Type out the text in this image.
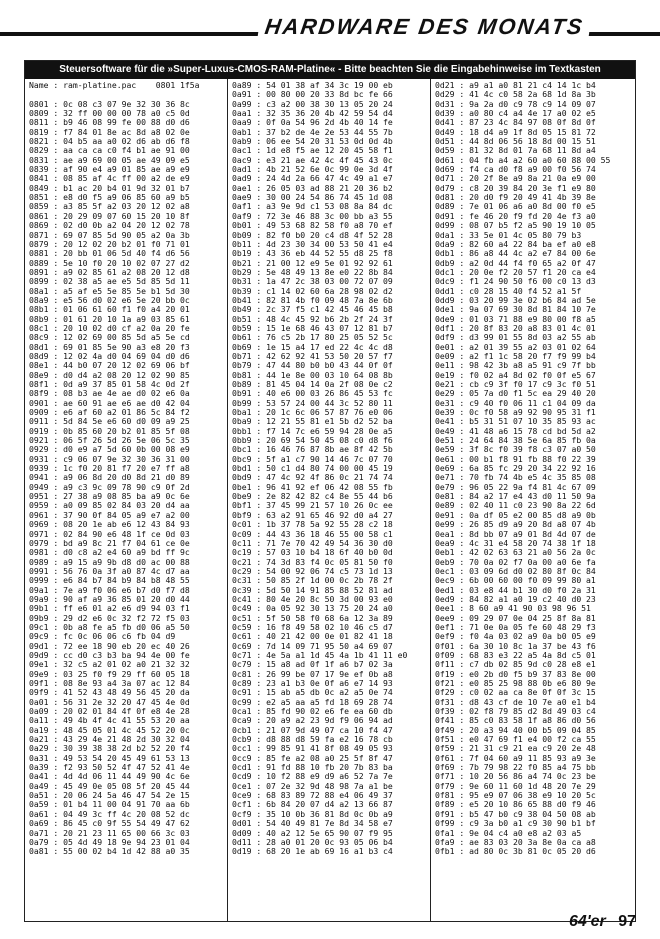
HARDWARE DES MONATS
Steuersoftware für die »Super-Luxus-CMOS-RAM-Platine« - Bitte beachten Sie die Eingabehinweise im Textkasten
Name : ram-platine.pac    0801 1f5a

0801 : 0c 08 c3 07 9e 32 30 36 8c
0809 : 32 ff 00 00 00 78 a0 c5 0d
0811 : b9 46 08 99 fe 00 88 d0 d6
0819 : f7 84 01 8e ac 8d a8 02 0e
0821 : 04 b5 aa a0 02 d6 ab d6 f8
0829 : aa ca ca c0 f4 b1 ae 91 00
0831 : ae a9 69 00 05 ae 49 09 e5
0839 : af 90 e4 a9 01 85 ae a9 e9
0841 : 08 85 af 4c ff 00 a2 de e9
0849 : b1 ac 20 b4 01 9d 32 01 b7
0851 : e8 d0 f5 a9 06 85 60 a9 b5
0859 : a3 85 5f a2 03 20 12 02 a8
0861 : 20 29 09 07 60 15 20 10 8f
0869 : 02 d0 0b a2 04 20 12 02 78
0871 : 69 07 85 5d 90 05 a2 0a 3b
0879 : 20 12 02 20 b2 01 f0 71 01
0881 : 20 bb 01 06 5d 40 f4 d6 56
0889 : 5e 10 f0 20 10 02 07 27 d2
0891 : a9 02 85 61 a2 08 20 12 d8
0899 : 02 38 a5 ae e5 5d 85 5d 11
08a1 : a5 af e5 5e 85 5e b1 5d 30
08a9 : e5 56 d0 02 e6 5e 20 bb 0c
08b1 : 01 06 61 60 f1 f0 a4 20 01
08b9 : 01 61 20 10 1a a9 03 85 61
08c1 : 20 10 02 d0 cf a2 0a 20 fe
08c9 : 12 02 69 00 85 5d a5 5e cd
08d1 : 69 01 85 5e 90 a3 e8 20 f3
08d9 : 12 02 4a d0 04 69 04 d0 d6
08e1 : 44 b0 07 20 12 02 69 06 bf
08e9 : d0 d4 a2 08 20 12 02 90 85
08f1 : 0d a9 37 85 01 58 4c 0d 2f
08f9 : 08 b3 ae 4e ae d0 02 e6 0a
0901 : ae 60 91 ae e6 ae d0 42 04
0909 : e6 af 60 a2 01 86 5c 84 f2
0911 : 5d 84 5e e6 60 d0 09 a9 25
0919 : 0b 85 60 20 b2 01 85 5f 08
0921 : 06 5f 26 5d 26 5e 06 5c 35
0929 : d0 e9 a7 5d 60 0b 00 08 e9
0931 : c9 06 07 9e 32 30 36 31 00
0939 : 1c f0 20 81 f7 20 e7 ff a8
0941 : a9 06 8d 20 d0 8d 21 d0 89
0949 : a9 c3 9c 09 78 90 c9 0f 2d
0951 : 27 38 a9 08 85 ba a9 0c 6e
0959 : a0 09 85 02 84 03 20 d4 aa
0961 : 37 90 0f 84 05 a9 e7 a2 00
0969 : 08 20 1e ab e6 12 43 84 93
0971 : 02 84 90 e6 48 1f ce 0d 03
0979 : bd a9 8c 21 f7 04 61 ce 0e
0981 : d0 c8 a2 e4 60 a9 bd ff 9c
0989 : a9 15 a9 9b d8 d0 ac 00 88
0991 : 56 76 0a 3f a0 87 4c d7 aa
0999 : e6 84 b7 84 b9 84 b8 48 55
09a1 : 7e a9 f0 06 e6 b7 d0 f7 d8
09a9 : 90 af a9 36 85 01 20 d0 44
09b1 : ff e6 01 a2 e6 d9 94 03 f1
09b9 : 29 d2 e6 0c 32 f2 72 f5 03
09c1 : 0b a8 fe a5 fb d0 06 a5 50
09c9 : fc 0c 06 06 c6 fb 04 d9
09d1 : 72 ee 18 90 eb 20 ec 40 26
09d9 : cc d0 c3 b3 ba 94 4e 00 fe
09e1 : 32 c5 a2 01 02 a0 21 32 32
09e9 : 03 25 f0 f9 29 ff 60 05 18
09f1 : 08 8e 93 a4 3a 07 ac 12 84
09f9 : 41 52 43 48 49 56 45 20 da
0a01 : 56 31 2e 32 20 47 45 4e 0d
0a09 : 20 02 01 84 4f 0f e8 4e 28
0a11 : 49 4b 4f 4c 41 55 53 20 aa
0a19 : 48 45 05 01 4c 45 52 20 0c
0a21 : 43 29 4e 21 48 2d 30 32 04
0a29 : 30 39 38 38 2d b2 52 20 f4
0a31 : 49 53 54 20 45 49 61 53 13
0a39 : f2 93 50 52 4f 47 52 41 4e
0a41 : 4d 4d 06 11 44 49 90 4c 6e
0a49 : 45 49 0e 05 08 5f 20 45 44
0a51 : 20 06 24 5a 46 47 54 2e 15
0a59 : 01 b4 11 00 04 91 70 aa 6b
0a61 : 04 49 3c ff 4c 20 08 52 dc
0a69 : 86 45 c0 9f 55 54 49 47 62
0a71 : 20 21 23 11 65 00 66 3c 03
0a79 : 05 4d 49 18 9e 94 23 01 04
0a81 : 55 00 02 b4 1d 42 88 a0 35
0a89 : 54 01 38 af 34 3c 19 00 eb
0a91 : 00 80 00 20 33 8d bc fe 66
0a99 : c3 a2 00 38 30 13 05 20 24
0aa1 : 32 35 36 20 4b 42 59 54 d4
0aa9 : 0f 0a 54 96 2d 4b 40 14 fe
0ab1 : 37 b2 de 4e 2e 53 44 55 7b
0ab9 : 06 ee 54 20 31 53 0d 0d 4b
0ac1 : 1d e8 f5 ae 12 20 45 58 f1
0ac9 : e3 21 ae 42 4c 4f 45 43 0c
0ad1 : 4b 21 52 6e 0c 99 0e 3d 4f
0ad9 : 24 4d 2a 66 47 4c 49 a1 e7
0ae1 : 26 05 03 ad 88 21 20 36 b2
0ae9 : 30 00 24 54 86 74 45 1d 08
0af1 : a3 9e 9d c1 53 08 8a 84 dc
0af9 : 72 3e 46 88 3c 00 bb a3 55
0b01 : 49 53 68 82 58 f0 a8 70 ef
0b09 : 82 f0 b0 20 c4 d8 4f 52 28
0b11 : 4d 23 30 34 00 53 50 41 e4
0b19 : 43 36 eb 44 52 55 d8 25 f8
0b21 : 21 00 12 e9 5e 01 92 92 61
0b29 : 5e 48 49 13 8e e0 22 8b 84
0b31 : 1a 47 2c 38 03 00 72 07 09
0b39 : c1 14 02 60 6a 28 98 02 d2
0b41 : 82 81 4b f0 09 48 7a 8e 6b
0b49 : 2c 37 f5 c1 42 45 46 45 b8
0b51 : 48 4c 45 92 b6 2b 2f 24 3f
0b59 : 15 1e 68 46 43 07 12 81 b7
0b61 : 76 c5 2b 17 80 25 05 52 5c
0b69 : 1e 15 a4 17 ed 22 4c 4c d8
0b71 : 42 62 92 41 53 50 20 57 f7
0b79 : 47 44 80 b0 b0 43 44 0f 0f
0b81 : 44 1e 8e 00 03 10 64 08 8b
0b89 : 81 45 04 14 0a 2f 08 0e c2
0b91 : 40 e6 00 03 26 86 45 53 fc
0b99 : 53 57 24 00 44 3c 52 80 11
0ba1 : 20 1c 6c 06 57 87 76 e0 06
0ba9 : 12 21 55 81 e1 5b d2 52 ba
0bb1 : f7 14 7c e6 59 94 28 0e a5
0bb9 : 20 69 54 50 45 08 c0 d8 f6
0bc1 : 16 46 76 87 8b ae 8f 42 5b
0bc9 : 5f a1 c7 90 14 46 7c 07 70
0bd1 : 50 c1 d4 80 74 00 00 45 19
0bd9 : 47 4c 92 4f 86 0c 21 74 74
0be1 : 96 41 92 ef 06 42 08 55 fb
0be9 : 2e 82 42 82 c4 8e 55 44 b6
0bf1 : 37 45 99 21 57 10 26 0c ee
0bf9 : 63 a2 91 65 46 92 d0 a4 27
0c01 : 1b 37 78 5a 92 55 28 c2 18
0c09 : 44 43 36 18 46 55 00 58 c1
0c11 : 71 7e 70 42 49 54 36 30 d0
0c19 : 57 03 10 b4 18 6f 40 b0 0d
0c21 : 74 3d 83 f4 0c 05 81 50 f0
0c29 : 54 00 92 06 74 c5 73 1d 13
0c31 : 50 85 2f 1d 00 0c 2b 78 2f
0c39 : 5d 50 14 91 85 88 52 81 ad
0c41 : 80 4e 20 8c 50 3d 00 93 e0
0c49 : 0a 05 92 30 13 75 20 24 a0
0c51 : 5f 50 58 f0 68 6a 12 3a 89
0c59 : 16 f8 49 58 02 10 46 c5 d7
0c61 : 40 21 42 00 0e 01 82 41 18
0c69 : 7d 14 09 71 95 50 a4 69 07
0c71 : 4e 5a a1 1d 45 4a 1b 41 11 e0
0c79 : 15 a8 ad 0f 1f a6 b7 02 3a
0c81 : 26 99 be 07 17 9e ef 0b a8
0c89 : 23 a1 b3 0e 0f a6 e7 14 93
0c91 : 15 ab a5 db 0c a2 a5 0e 74
0c99 : e2 a5 aa a5 fd 18 69 28 74
0ca1 : 85 fd 90 02 e6 fe ea 60 db
0ca9 : 20 a9 a2 23 9d f9 06 94 ad
0cb1 : 21 07 9d 49 07 ca 10 f4 47
0cb9 : d8 88 d8 59 fa e2 16 78 cb
0cc1 : 99 85 91 41 8f 08 49 05 93
0cc9 : 85 fe a2 08 a0 25 5f 8f 47
0cd1 : 91 fd 88 10 fb 20 7b 83 ba
0cd9 : 10 f2 88 e9 d9 a6 52 7a 7e
0ce1 : 07 2e 32 9d 48 98 7a a1 be
0ce9 : 68 83 89 72 88 e4 06 49 37
0cf1 : 6b 84 20 07 d4 a2 13 66 87
0cf9 : 35 10 0b 36 81 8d 0c 0b a9
0d01 : 54 40 49 81 7e 8d 34 58 e7
0d09 : 40 a2 12 5e 65 90 07 f9 95
0d11 : 28 a0 01 20 0c 93 05 06 b4
0d19 : 68 20 1e ab 69 16 a1 b3 c4
0d21 : a9 a1 a0 81 21 c4 14 1c b4
0d29 : 41 4c c0 58 2a 68 1d 8a 3b
0d31 : 9a 2a d0 c9 78 c9 14 09 07
0d39 : a0 80 c4 a4 4e 17 a0 02 e5
0d41 : 87 23 4c 84 97 08 0f 8d 0f
0d49 : 18 d4 a9 1f 8d 05 15 81 72
0d51 : 44 8d 06 56 18 8d 00 15 51
0d59 : 81 32 8d 01 7a 68 11 8d a4
0d61 : 04 fb a4 a2 60 a0 60 88 00 55
0d69 : f4 ca d0 f8 a9 00 f0 56 74
0d71 : 20 2f 8e a9 8a 21 0a e9 00
0d79 : c8 20 39 84 20 3e f1 e9 80
0d81 : 20 d0 f9 20 49 41 4b 39 8e
0d89 : 7e 01 06 a6 a0 8d 00 f0 e5
0d91 : fe 46 20 f9 fd 20 4e f3 a0
0d99 : 08 07 b5 f2 a5 90 19 10 05
0da1 : 33 5e 01 4c 05 80 79 b3
0da9 : 82 60 a4 22 84 ba ef a0 e8
0db1 : 86 a8 44 4c a2 e7 84 00 6e
0db9 : a2 0d 44 f4 f0 65 a2 0f 47
0dc1 : 20 0e f2 20 57 f1 20 ca e4
0dc9 : f1 24 90 50 f6 00 c0 13 d3
0dd1 : c0 28 15 40 f4 52 a1 5f
0dd9 : 03 20 99 3e 02 b6 84 ad 5e
0de1 : 9a 07 69 30 8d 81 84 10 7e
0de9 : 01 03 71 88 e9 80 00 f8 a5
0df1 : 20 8f 83 20 a8 83 01 4c 01
0df9 : d3 99 01 55 8d 03 a2 55 ab
0e01 : a2 01 39 55 a2 03 01 02 64
0e09 : a2 f1 1c 58 20 f7 f9 99 b4
0e11 : 98 42 3b a8 a5 91 c9 7f bb
0e19 : f0 02 a4 8d 02 f0 0f e5 67
0e21 : cb c9 3f f0 17 c9 3c f0 51
0e29 : 05 7a d0 f1 5c ea 29 40 20
0e31 : c9 40 f0 06 11 c1 04 09 da
0e39 : 0c f0 58 a9 92 90 95 31 f1
0e41 : b5 31 51 07 10 35 85 93 ac
0e49 : 41 48 a6 15 78 cd bd 5d a2
0e51 : 24 64 84 38 5e 6a 85 fb 0a
0e59 : 3f 8c f0 39 f8 c3 07 a0 50
0e61 : 00 b1 f8 91 fb 88 f0 22 39
0e69 : 6a 85 fc 29 20 34 22 92 16
0e71 : 70 fb 74 4b e5 4c 35 85 08
0e79 : 96 05 22 9a f4 81 4c 67 09
0e81 : 84 a2 17 e4 43 d0 11 50 9a
0e89 : 02 40 11 c0 23 90 8a 22 6d
0e91 : 0a df 05 e2 00 85 d8 a9 0b
0e99 : 26 85 d9 a9 20 8d a8 07 4b
0ea1 : 8d bb 07 a9 01 8d 4d 07 de
0ea9 : 4c 31 e4 58 20 74 38 1f 18
0eb1 : 42 02 63 63 21 a0 56 2a 0c
0eb9 : 70 0a 02 f7 0a 00 a0 6e fa
0ec1 : 03 09 6d d0 02 80 8f 0c 84
0ec9 : 6b 00 60 00 f0 09 99 80 a1
0ed1 : 03 e8 44 b1 30 d0 f0 2a 31
0ed9 : 84 82 a1 a0 19 c2 40 d0 23
0ee1 : 8 60 a9 41 90 03 98 96 51
0ee9 : 09 29 07 0e 04 25 8f 8a 81
0ef1 : 71 0e 0a 05 fe 60 48 29 f3
0ef9 : f0 4a 03 02 a9 0a b0 05 e9
0f01 : 6a 30 10 8c 1a 37 be 43 f6
0f09 : 68 83 e3 22 a5 4a 8d c5 01
0f11 : c7 db 02 85 9d c0 28 e8 e1
0f19 : e0 2b d0 f5 b9 37 83 8e 00
0f21 : e0 85 25 98 88 0b e6 80 9e
0f29 : c0 02 aa ca 8e 0f 0f 3c 15
0f31 : d8 43 cf de 10 7e a0 e1 b4
0f39 : 02 f8 79 85 d2 8d 49 03 c4
0f41 : 85 c0 83 58 1f a8 86 d0 56
0f49 : 20 a3 94 40 00 b5 09 04 85
0f51 : e0 47 69 f1 e4 00 f2 ca 55
0f59 : 21 31 c9 21 ea c9 20 2e 48
0f61 : 7f 04 60 a9 11 85 93 a9 3e
0f69 : 7b 79 98 22 f0 85 a4 75 bb
0f71 : 10 20 56 86 a4 74 0c 23 be
0f79 : 9e 60 11 60 1d 48 20 7e 29
0f81 : 95 e9 07 06 38 e9 10 20 5c
0f89 : e5 20 10 86 65 88 d0 f9 46
0f91 : b5 47 b0 c9 38 04 50 08 ab
0f99 : c9 3a b0 a1 c9 30 90 b1 bf
0fa1 : 9e 04 c4 a0 e8 a2 03 a5
0fa9 : ae 83 03 20 3a 8e 0a ca a8
0fb1 : ad 80 0c 3b 81 0c 05 20 d6
64'er 97
